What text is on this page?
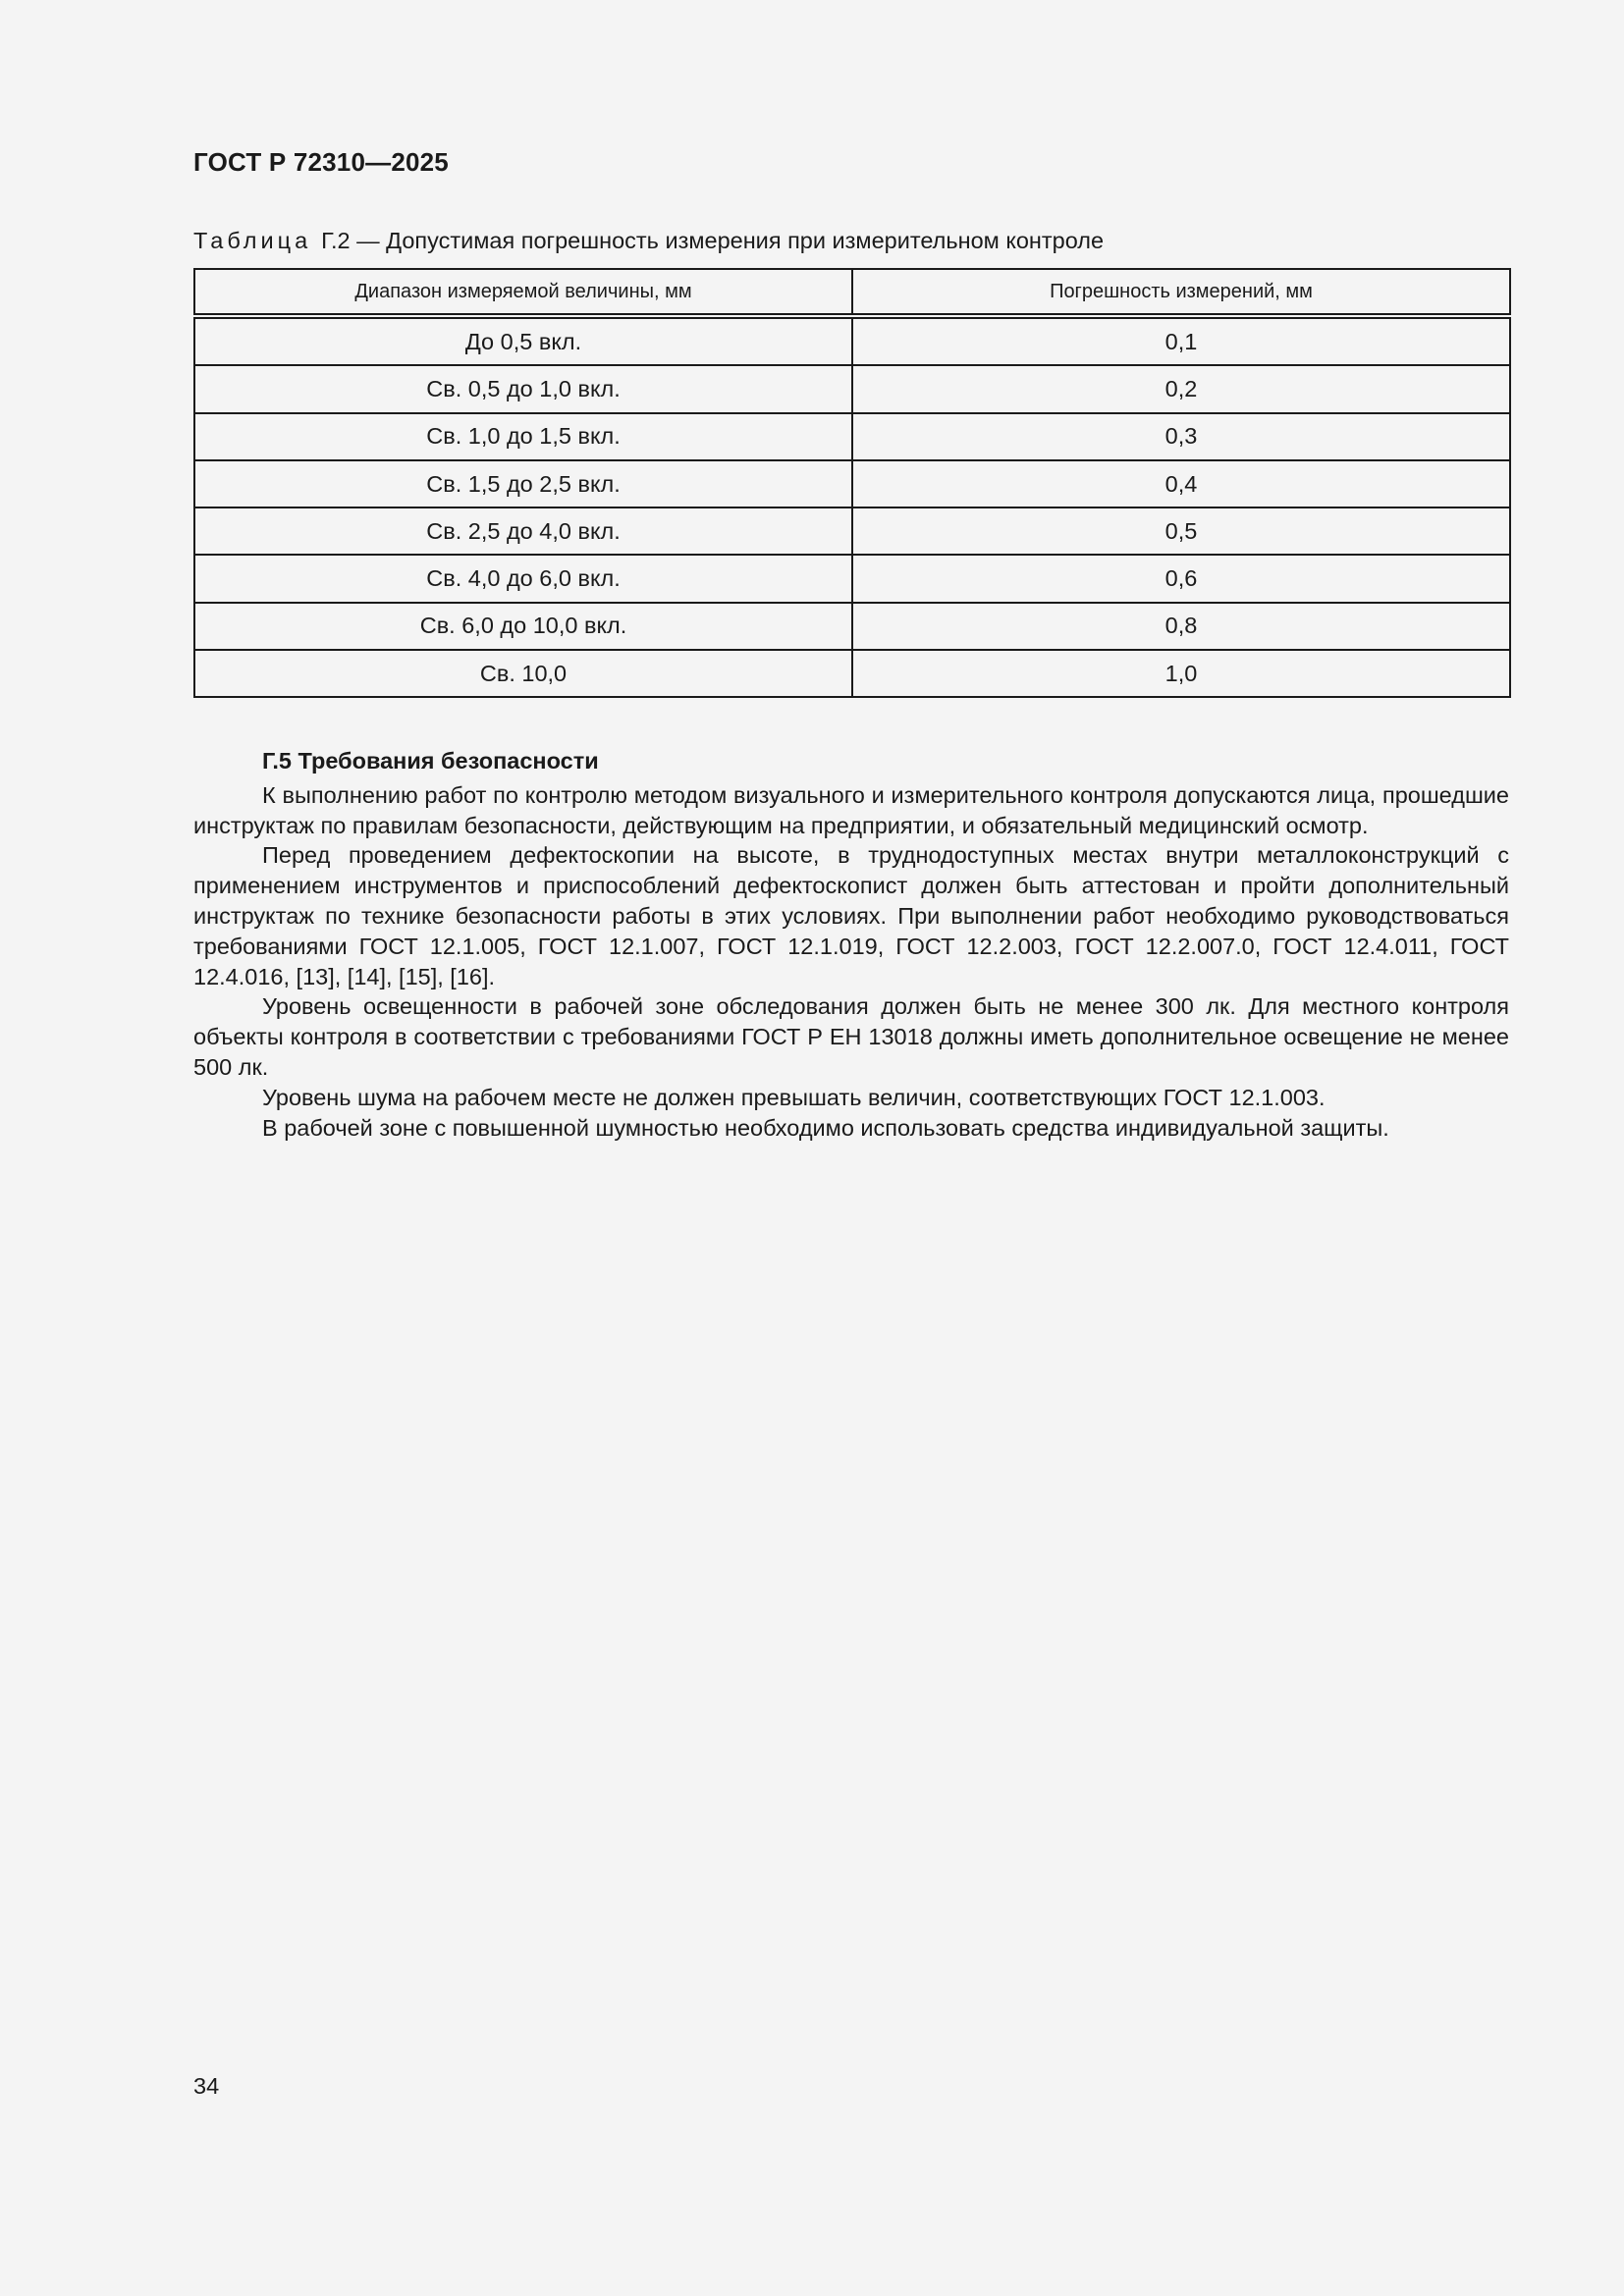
ГОСТ Р 72310—2025
Таблица Г.2 — Допустимая погрешность измерения при измерительном контроле
Диапазон измеряемой величины, мм	Погрешность измерений, мм
До 0,5 вкл.	0,1
Св. 0,5 до 1,0 вкл.	0,2
Св. 1,0 до 1,5 вкл.	0,3
Св. 1,5 до 2,5 вкл.	0,4
Св. 2,5 до 4,0 вкл.	0,5
Св. 4,0 до 6,0 вкл.	0,6
Св. 6,0 до 10,0 вкл.	0,8
Св. 10,0	1,0
Г.5 Требования безопасности

К выполнению работ по контролю методом визуального и измерительного контроля допускаются лица, прошедшие инструктаж по правилам безопасности, действующим на предприятии, и обязательный медицинский осмотр.

Перед проведением дефектоскопии на высоте, в труднодоступных местах внутри металлоконструкций с применением инструментов и приспособлений дефектоскопист должен быть аттестован и пройти дополнительный инструктаж по технике безопасности работы в этих условиях. При выполнении работ необходимо руководствоваться требованиями ГОСТ 12.1.005, ГОСТ 12.1.007, ГОСТ 12.1.019, ГОСТ 12.2.003, ГОСТ 12.2.007.0, ГОСТ 12.4.011, ГОСТ 12.4.016, [13], [14], [15], [16].

Уровень освещенности в рабочей зоне обследования должен быть не менее 300 лк. Для местного контроля объекты контроля в соответствии с требованиями ГОСТ Р ЕН 13018 должны иметь дополнительное освещение не менее 500 лк.

Уровень шума на рабочем месте не должен превышать величин, соответствующих ГОСТ 12.1.003.

В рабочей зоне с повышенной шумностью необходимо использовать средства индивидуальной защиты.

34
